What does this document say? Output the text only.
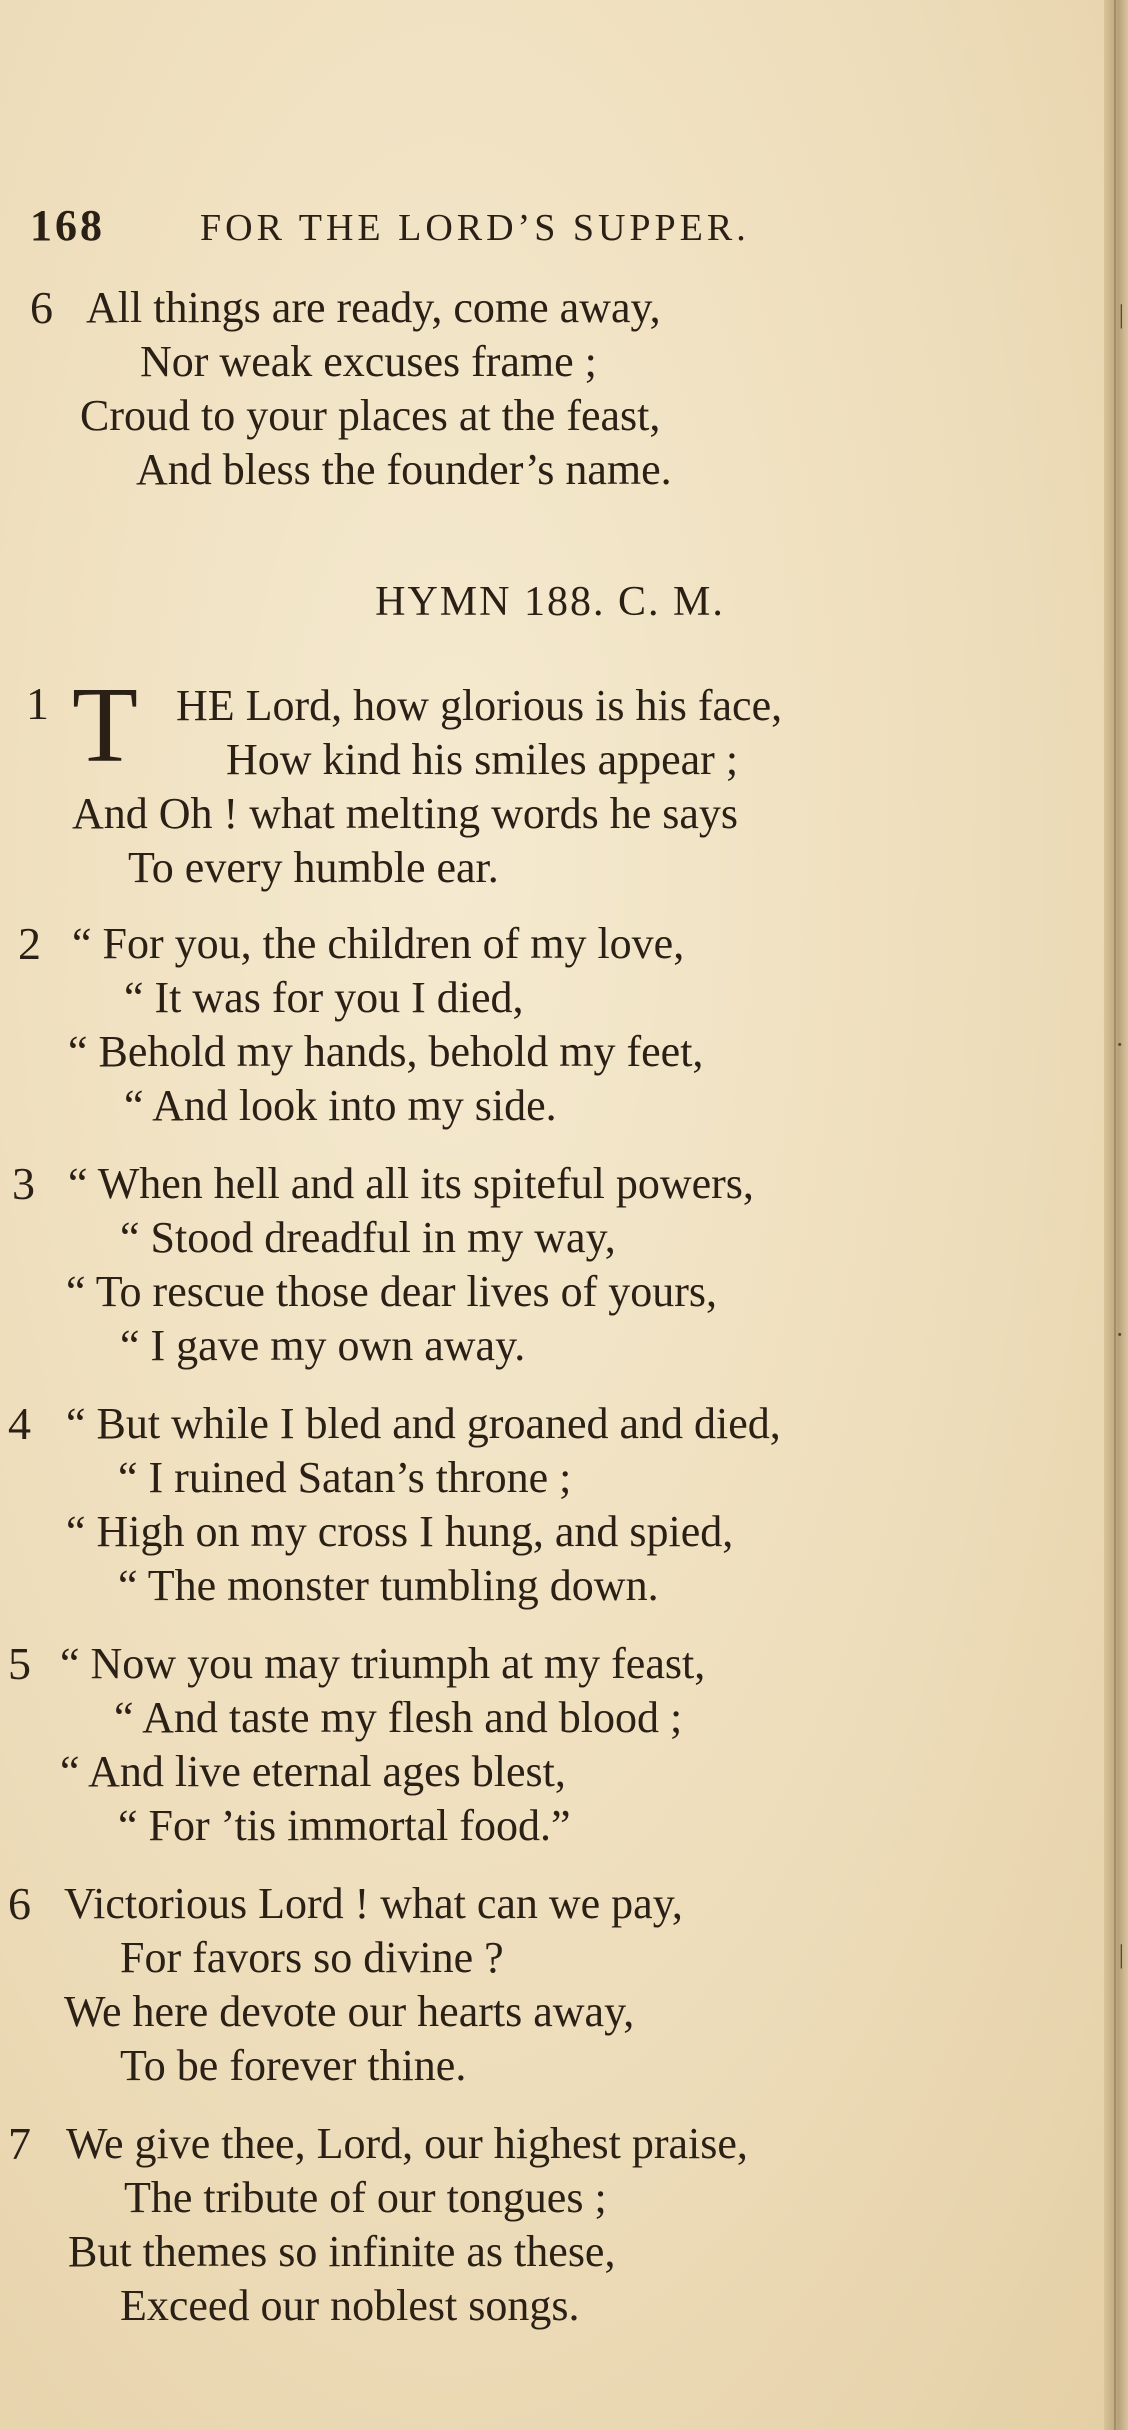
|
·
·
|
168	FOR THE LORD’S SUPPER.
6 All things are ready, come away,
Nor weak excuses frame ;
Croud to your places at the feast,
And bless the founder’s name.
HYMN 188. C. M.
1 T HE Lord, how glorious is his face,
How kind his smiles appear ;
And Oh ! what melting words he says
To every humble ear.
2 “ For you, the children of my love,
“ It was for you I died,
“ Behold my hands, behold my feet,
“ And look into my side.
3 “ When hell and all its spiteful powers,
“ Stood dreadful in my way,
“ To rescue those dear lives of yours,
“ I gave my own away.
4 “ But while I bled and groaned and died,
“ I ruined Satan’s throne ;
“ High on my cross I hung, and spied,
“ The monster tumbling down.
5 “ Now you may triumph at my feast,
“ And taste my flesh and blood ;
“ And live eternal ages blest,
“ For ’tis immortal food.”
6 Victorious Lord ! what can we pay,
For favors so divine ?
We here devote our hearts away,
To be forever thine.
7 We give thee, Lord, our highest praise,
The tribute of our tongues ;
But themes so infinite as these,
Exceed our noblest songs.
